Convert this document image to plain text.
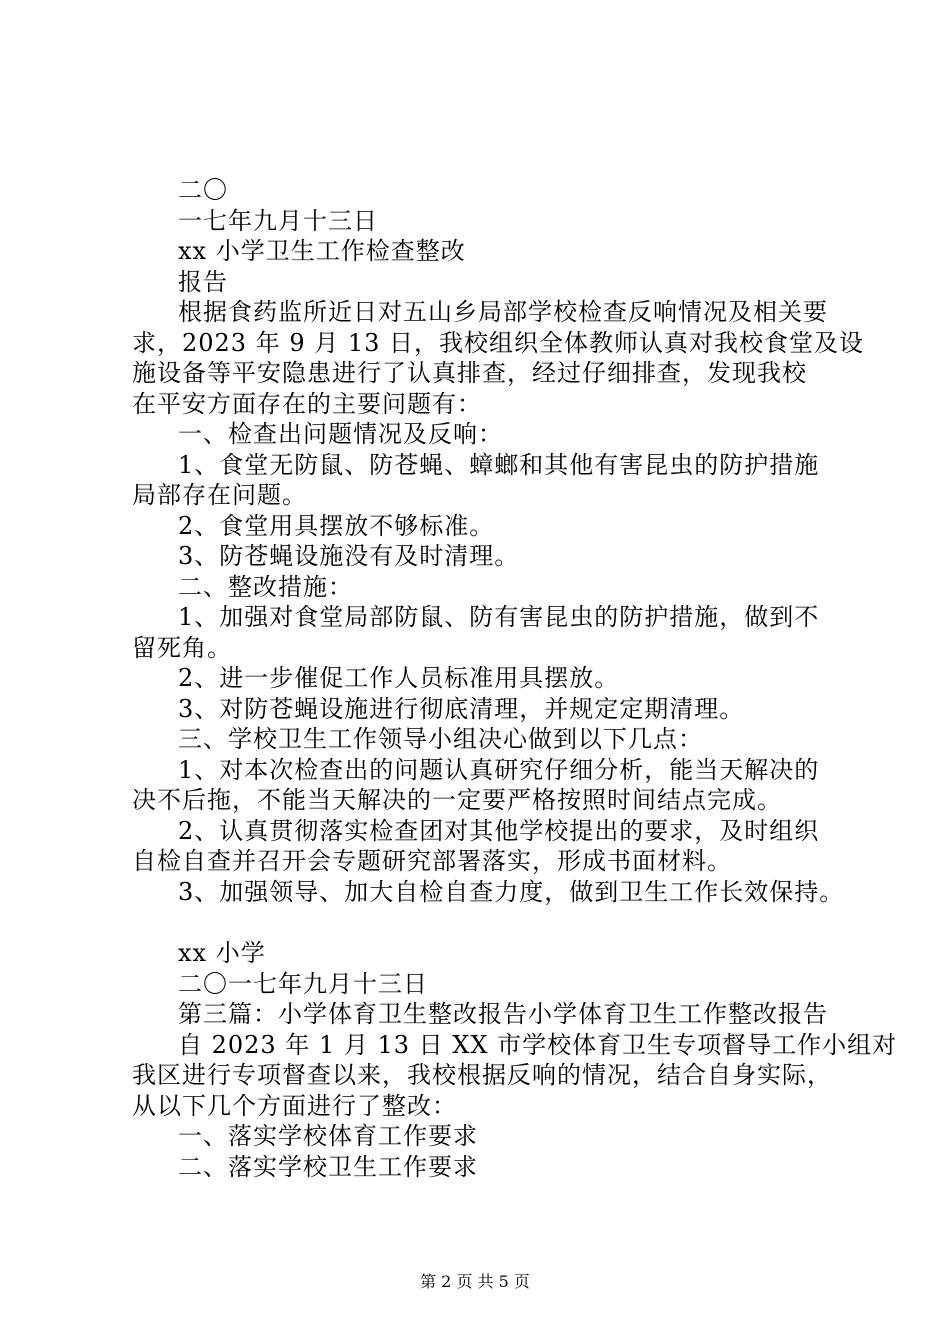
二〇
一七年九月十三日
xx 小学卫生工作检查整改
报告
根据食药监所近日对五山乡局部学校检查反响情况及相关要
求，2023 年 9 月 13 日，我校组织全体教师认真对我校食堂及设
施设备等平安隐患进行了认真排查，经过仔细排查，发现我校
在平安方面存在的主要问题有：
一、检查出问题情况及反响：
1、食堂无防鼠、防苍蝇、蟑螂和其他有害昆虫的防护措施
局部存在问题。
2、食堂用具摆放不够标准。
3、防苍蝇设施没有及时清理。
二、整改措施：
1、加强对食堂局部防鼠、防有害昆虫的防护措施，做到不
留死角。
2、进一步催促工作人员标准用具摆放。
3、对防苍蝇设施进行彻底清理，并规定定期清理。
三、学校卫生工作领导小组决心做到以下几点：
1、对本次检查出的问题认真研究仔细分析，能当天解决的
决不后拖，不能当天解决的一定要严格按照时间结点完成。
2、认真贯彻落实检查团对其他学校提出的要求，及时组织
自检自查并召开会专题研究部署落实，形成书面材料。
3、加强领导、加大自检自查力度，做到卫生工作长效保持。
xx 小学
二〇一七年九月十三日
第三篇：小学体育卫生整改报告小学体育卫生工作整改报告
自 2023 年 1 月 13 日 XX 市学校体育卫生专项督导工作小组对
我区进行专项督查以来，我校根据反响的情况，结合自身实际，
从以下几个方面进行了整改：
一、落实学校体育工作要求
二、落实学校卫生工作要求
第 2 页 共 5 页
